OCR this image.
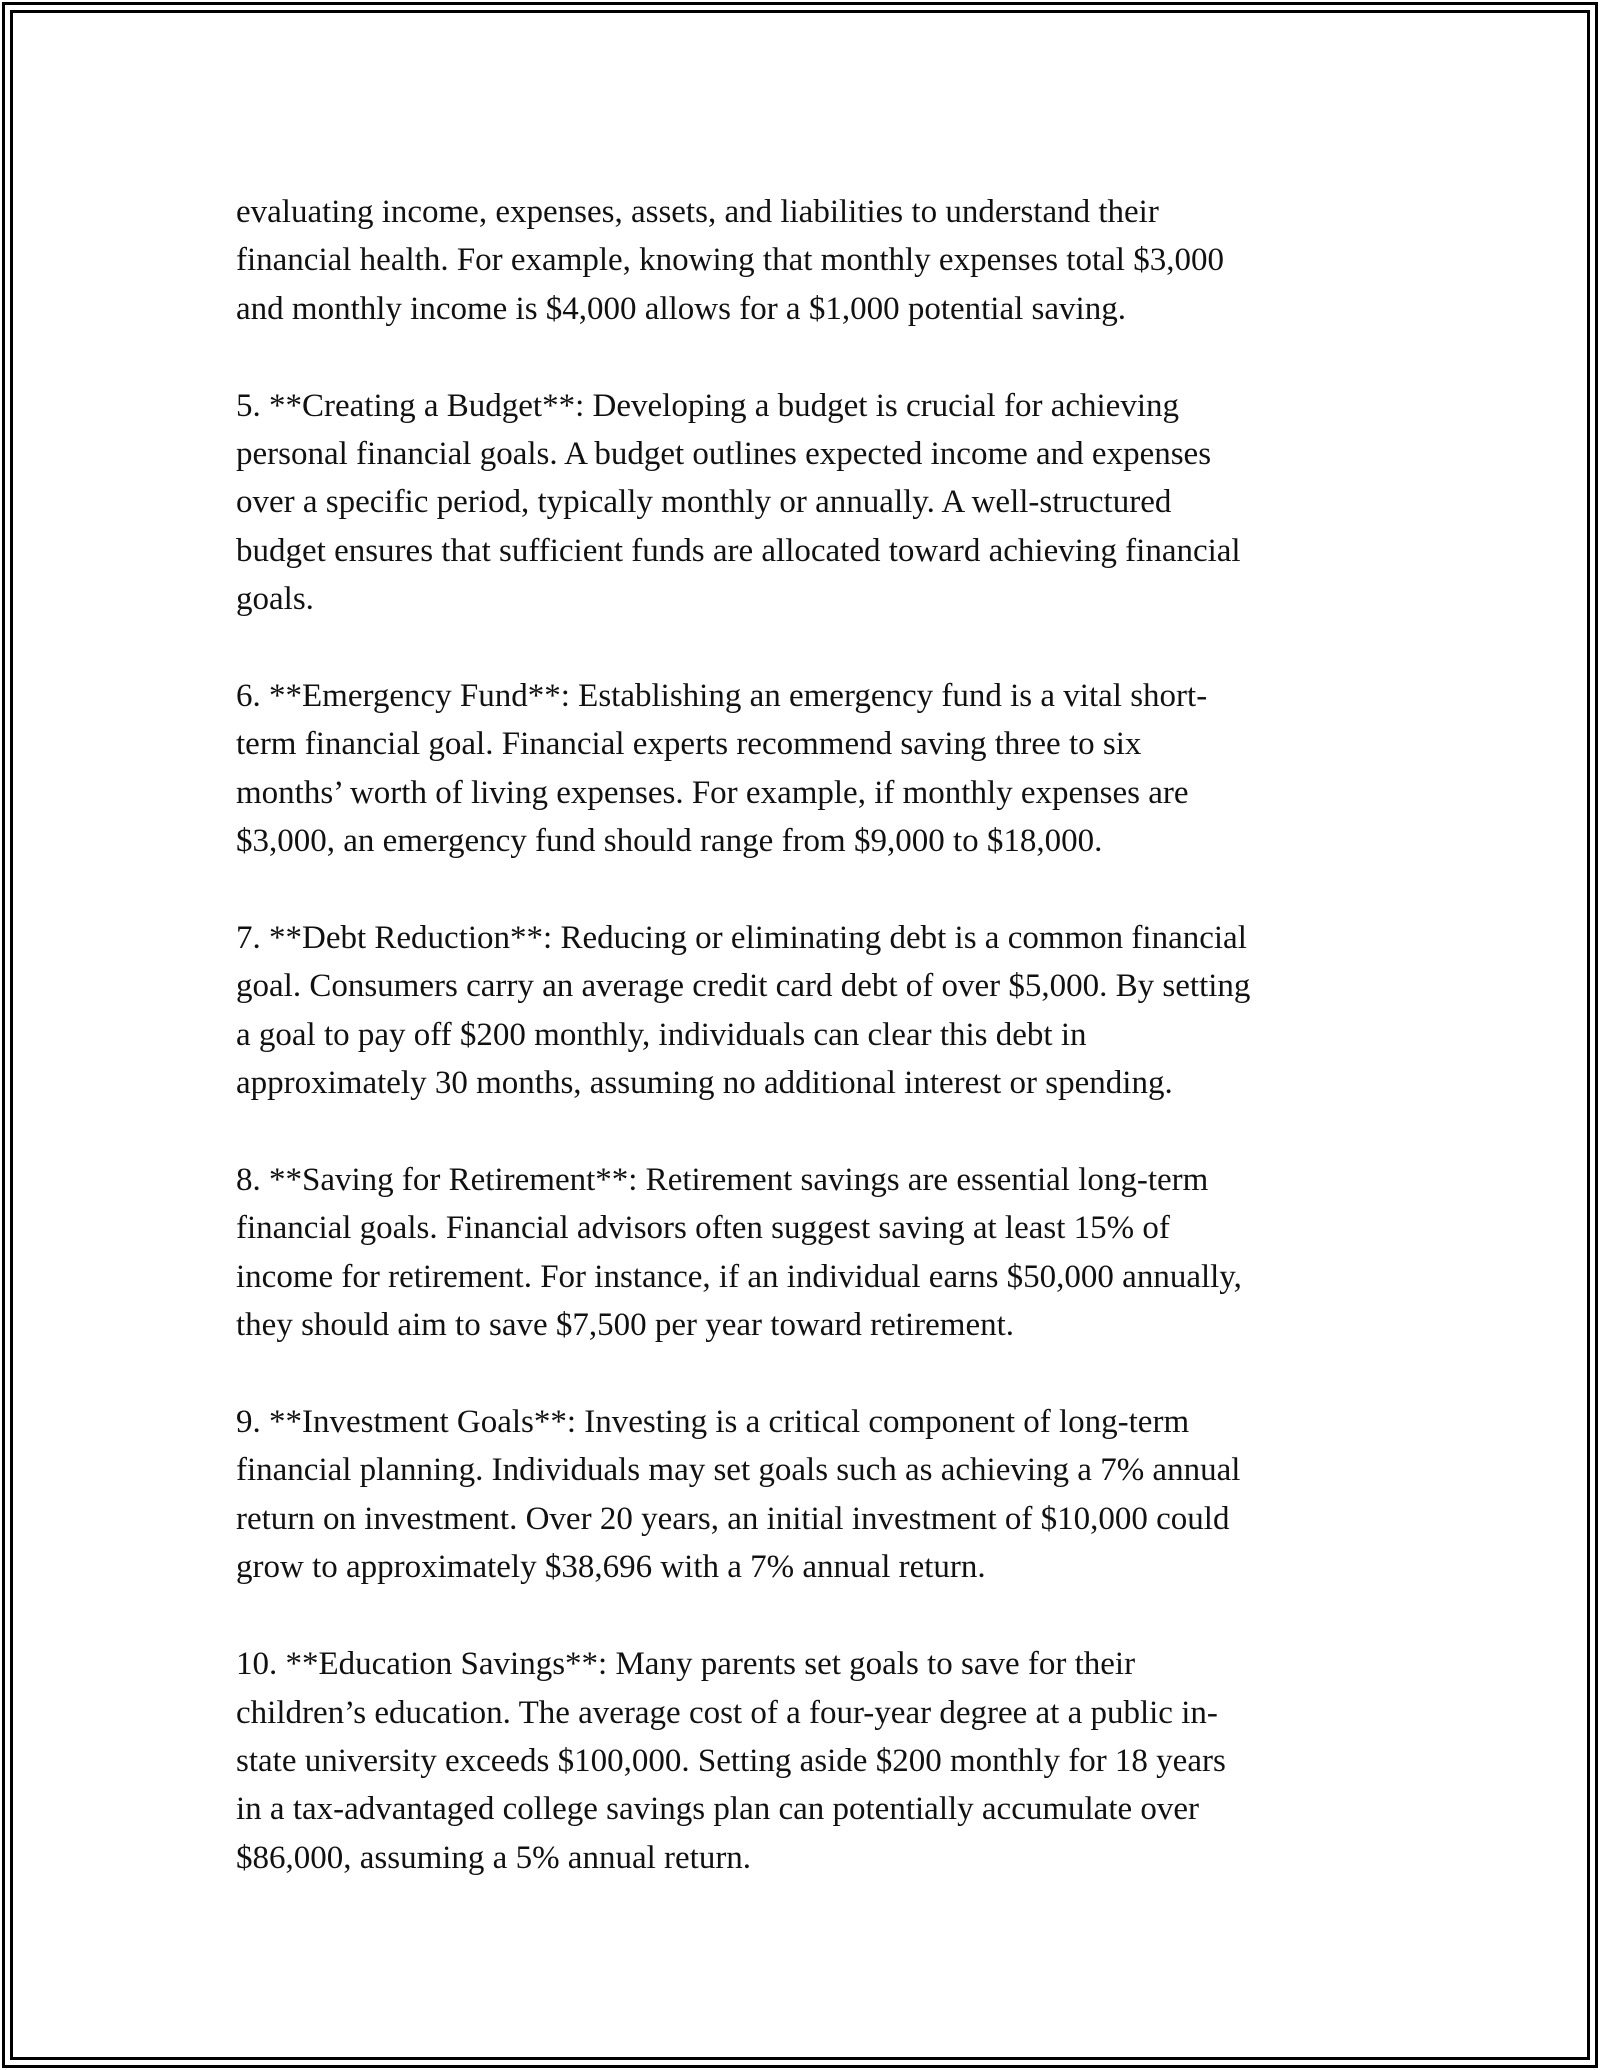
evaluating income, expenses, assets, and liabilities to understand their
financial health. For example, knowing that monthly expenses total $3,000
and monthly income is $4,000 allows for a $1,000 potential saving.

5. **Creating a Budget**: Developing a budget is crucial for achieving
personal financial goals. A budget outlines expected income and expenses
over a specific period, typically monthly or annually. A well-structured
budget ensures that sufficient funds are allocated toward achieving financial
goals.

6. **Emergency Fund**: Establishing an emergency fund is a vital short-
term financial goal. Financial experts recommend saving three to six
months’ worth of living expenses. For example, if monthly expenses are
$3,000, an emergency fund should range from $9,000 to $18,000.

7. **Debt Reduction**: Reducing or eliminating debt is a common financial
goal. Consumers carry an average credit card debt of over $5,000. By setting
a goal to pay off $200 monthly, individuals can clear this debt in
approximately 30 months, assuming no additional interest or spending.

8. **Saving for Retirement**: Retirement savings are essential long-term
financial goals. Financial advisors often suggest saving at least 15% of
income for retirement. For instance, if an individual earns $50,000 annually,
they should aim to save $7,500 per year toward retirement.

9. **Investment Goals**: Investing is a critical component of long-term
financial planning. Individuals may set goals such as achieving a 7% annual
return on investment. Over 20 years, an initial investment of $10,000 could
grow to approximately $38,696 with a 7% annual return.

10. **Education Savings**: Many parents set goals to save for their
children’s education. The average cost of a four-year degree at a public in-
state university exceeds $100,000. Setting aside $200 monthly for 18 years
in a tax-advantaged college savings plan can potentially accumulate over
$86,000, assuming a 5% annual return.
